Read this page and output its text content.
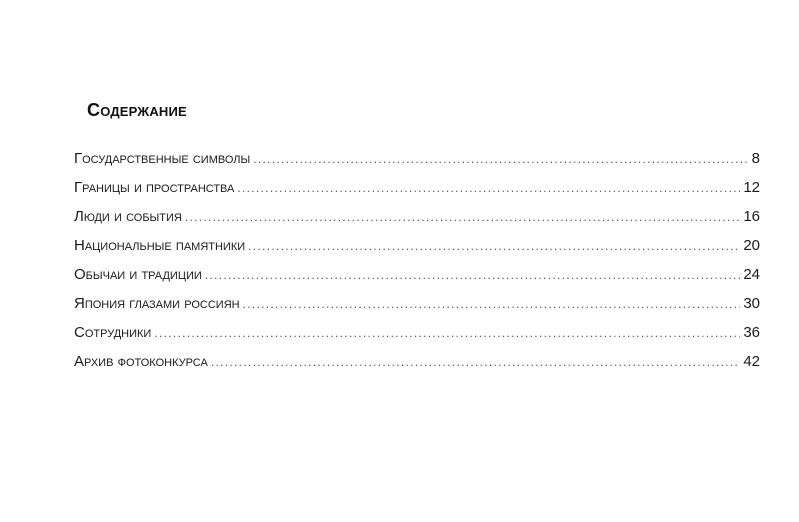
Содержание
Государственные символы .....	8
Границы и пространства .....	12
Люди и события .....	16
Национальные памятники .....	20
Обычаи и традиции .....	24
Япония глазами россиян .....	30
Сотрудники .....	36
Архив фотоконкурса .....	42
